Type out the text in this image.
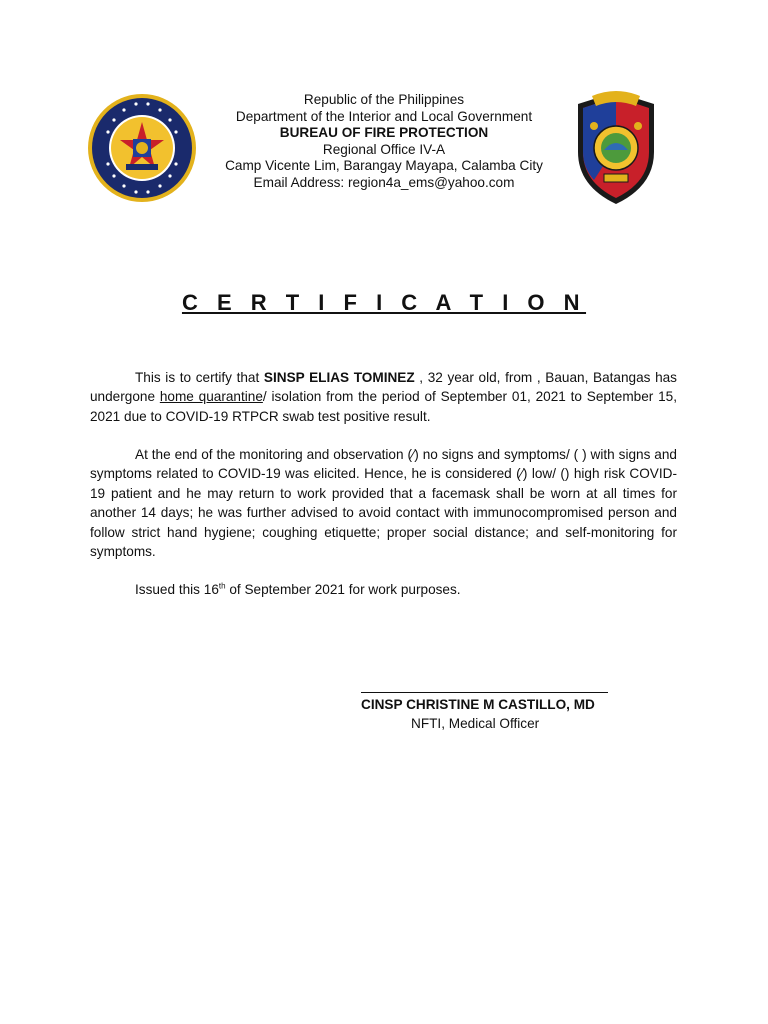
Republic of the Philippines
Department of the Interior and Local Government
BUREAU OF FIRE PROTECTION
Regional Office IV-A
Camp Vicente Lim, Barangay Mayapa, Calamba City
Email Address: region4a_ems@yahoo.com
C E R T I F I C A T I O N
This is to certify that SINSP ELIAS TOMINEZ , 32 year old, from , Bauan, Batangas has undergone home quarantine/ isolation from the period of September 01, 2021 to September 15, 2021 due to COVID-19 RTPCR swab test positive result.
At the end of the monitoring and observation (∕) no signs and symptoms/ ( ) with signs and symptoms related to COVID-19 was elicited. Hence, he is considered (∕) low/ () high risk COVID-19 patient and he may return to work provided that a facemask shall be worn at all times for another 14 days; he was further advised to avoid contact with immunocompromised person and follow strict hand hygiene; coughing etiquette; proper social distance; and self-monitoring for symptoms.
Issued this 16th of September 2021 for work purposes.
CINSP CHRISTINE M CASTILLO, MD
NFTI, Medical Officer
